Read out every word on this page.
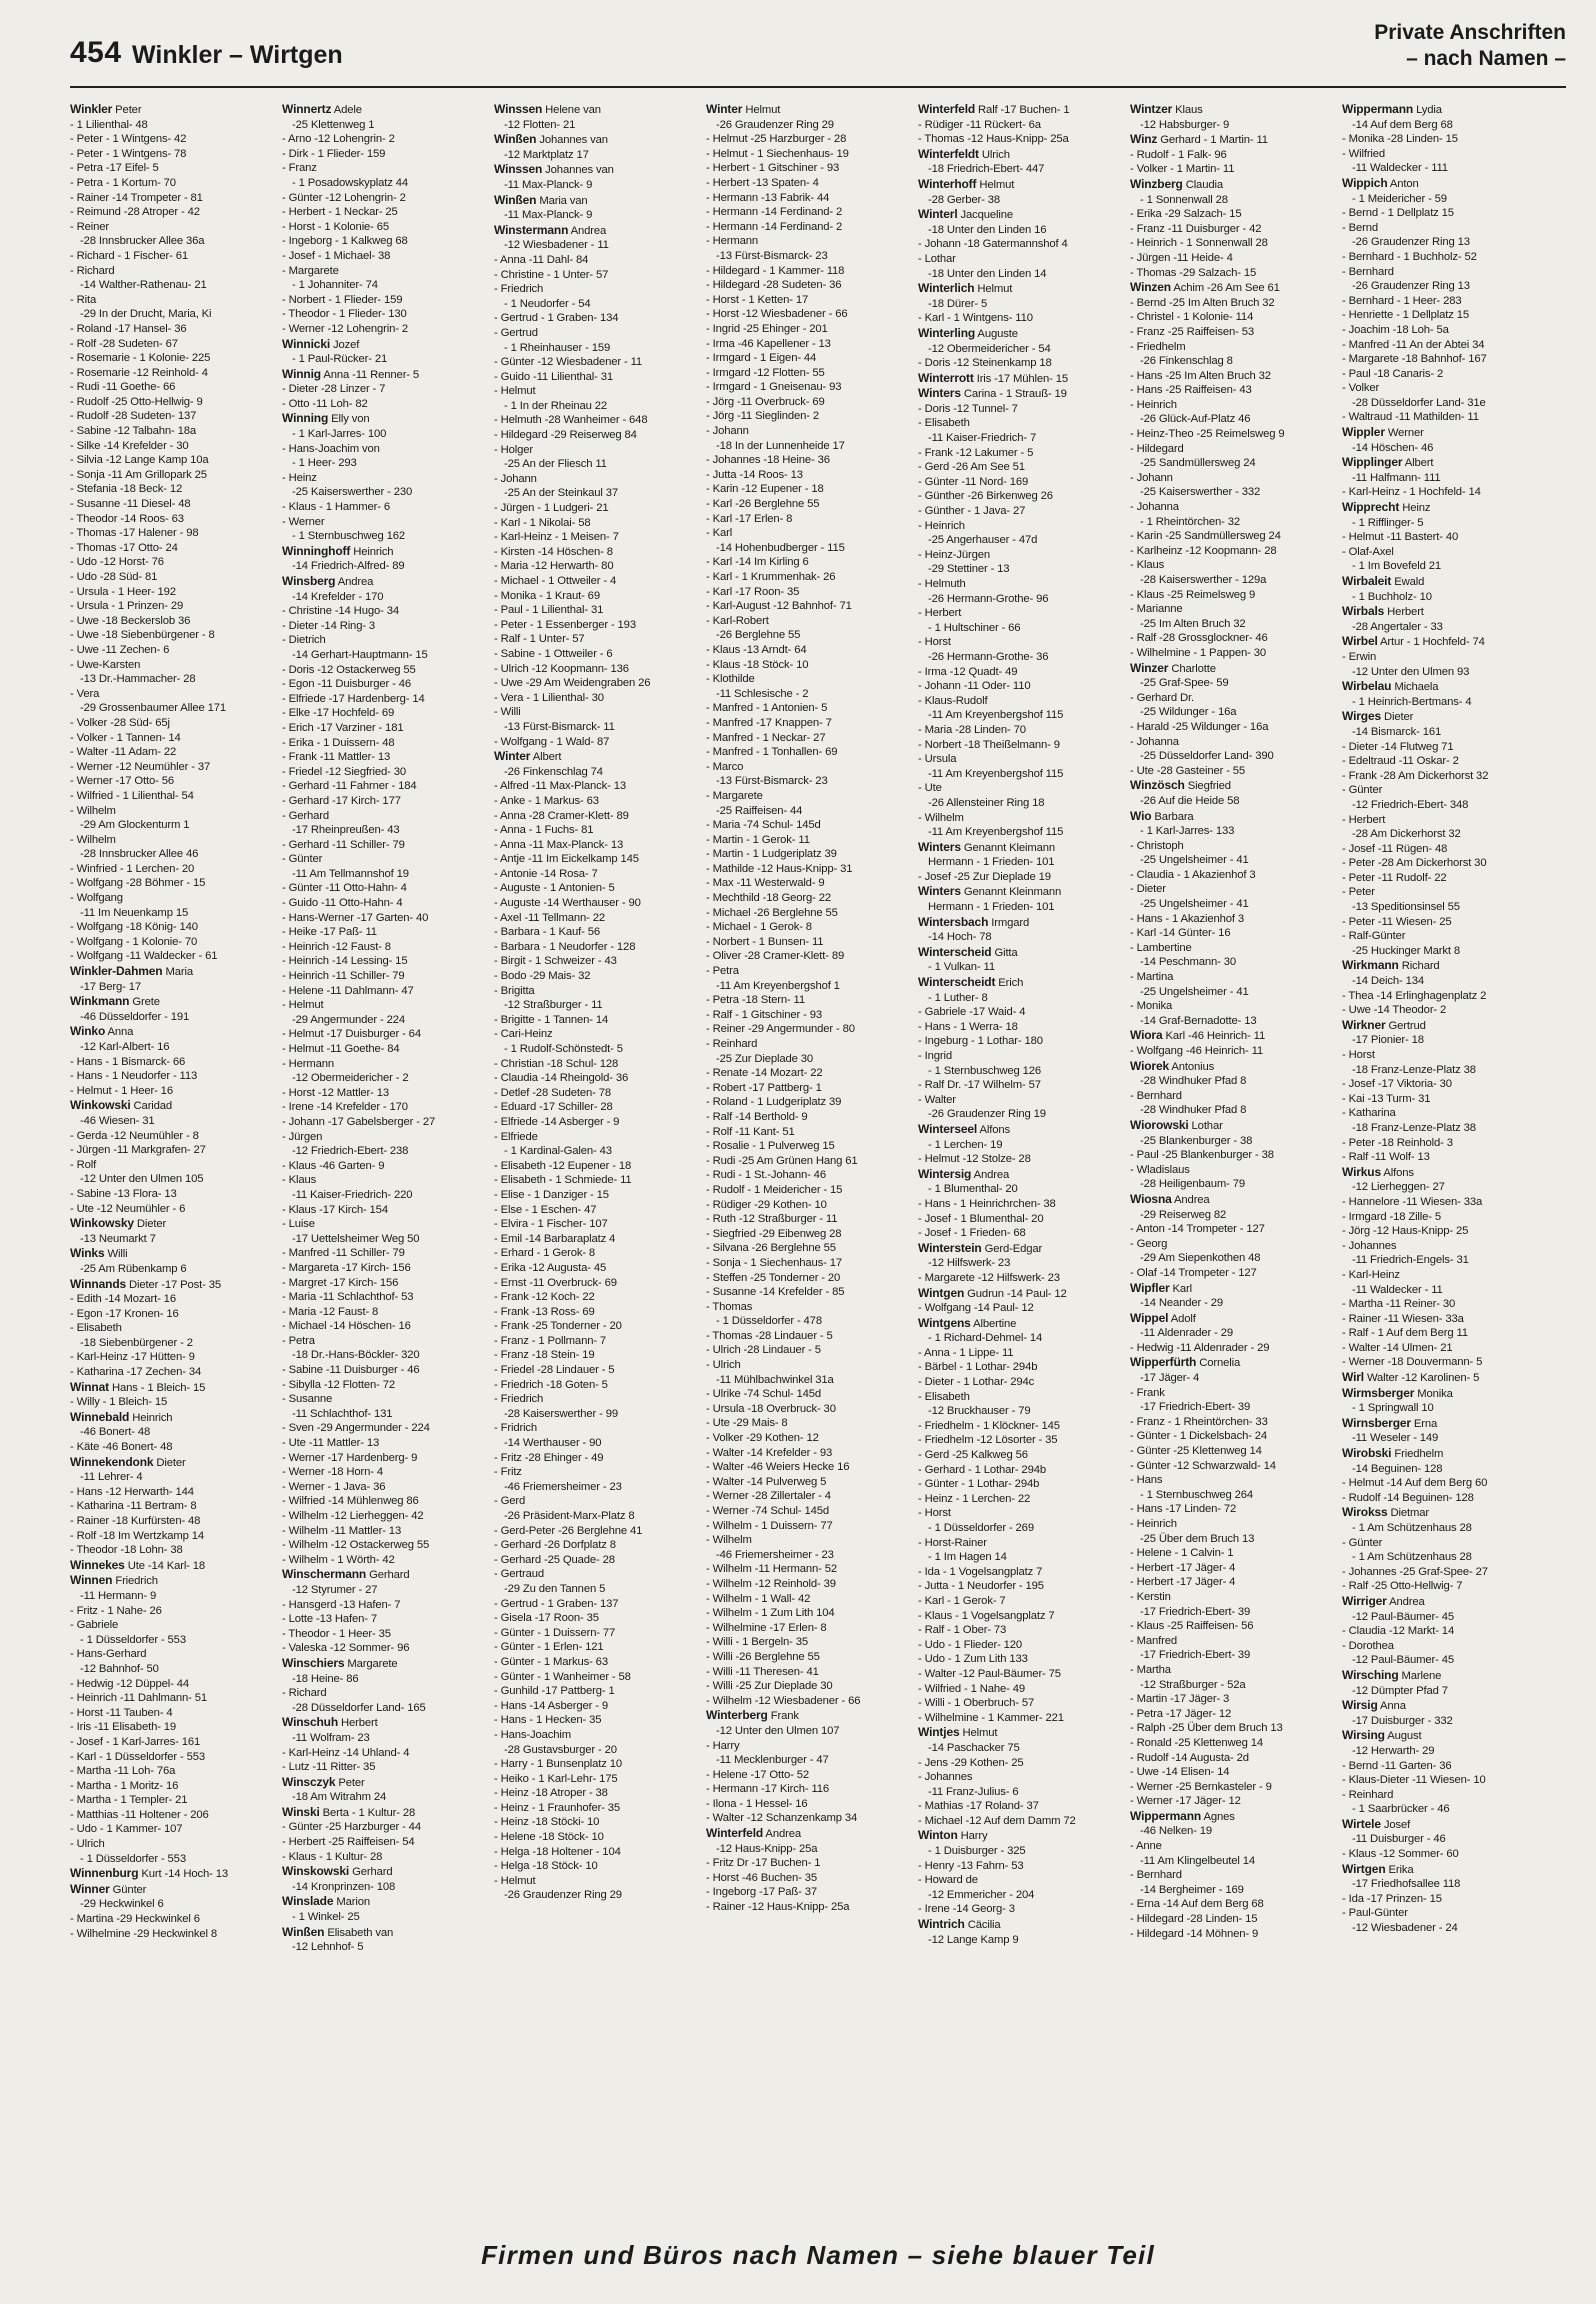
454 Winkler – Wirtgen
Private Anschriften
– nach Namen –
Winkler Peter
- 1 Lilienthal- 48
- Peter - 1 Wintgens- 42
- Peter - 1 Wintgens- 78
- Petra -17 Eifel- 5
- Petra - 1 Kortum- 70
- Rainer -14 Trompeter - 81
- Reimund -28 Atroper - 42
- Reiner
-28 Innsbrucker Allee 36a
- Richard - 1 Fischer- 61
- Richard
-14 Walther-Rathenau- 21
- Rita
-29 In der Drucht, Maria, Ki
- Roland -17 Hansel- 36
- Rolf -28 Sudeten- 67
- Rosemarie - 1 Kolonie- 225
- Rosemarie -12 Reinhold- 4
- Rudi -11 Goethe- 66
- Rudolf -25 Otto-Hellwig- 9
- Rudolf -28 Sudeten- 137
- Sabine -12 Talbahn- 18a
- Silke -14 Krefelder - 30
- Silvia -12 Lange Kamp 10a
- Sonja -11 Am Grillopark 25
- Stefania -18 Beck- 12
- Susanne -11 Diesel- 48
- Theodor -14 Roos- 63
- Thomas -17 Halener - 98
- Thomas -17 Otto- 24
- Udo -12 Horst- 76
- Udo -28 Süd- 81
- Ursula - 1 Heer- 192
- Ursula - 1 Prinzen- 29
- Uwe -18 Beckerslob 36
- Uwe -18 Siebenbürgener - 8
- Uwe -11 Zechen- 6
- Uwe-Karsten
-13 Dr.-Hammacher- 28
- Vera
-29 Grossenbaumer Allee 171
- Volker -28 Süd- 65j
- Volker - 1 Tannen- 14
- Walter -11 Adam- 22
- Werner -12 Neumühler - 37
- Werner -17 Otto- 56
- Wilfried - 1 Lilienthal- 54
- Wilhelm
-29 Am Glockenturm 1
- Wilhelm
-28 Innsbrucker Allee 46
- Winfried - 1 Lerchen- 20
- Wolfgang -28 Böhmer - 15
- Wolfgang
-11 Im Neuenkamp 15
- Wolfgang -18 König- 140
- Wolfgang - 1 Kolonie- 70
- Wolfgang -11 Waldecker - 61
Winkler-Dahmen Maria
-17 Berg- 17
Winkmann Grete
-46 Düsseldorfer - 191
Winko Anna
-12 Karl-Albert- 16
- Hans - 1 Bismarck- 66
- Hans - 1 Neudorfer - 113
- Helmut - 1 Heer- 16
Winkowski Caridad
-46 Wiesen- 31
- Gerda -12 Neumühler - 8
- Jürgen -11 Markgrafen- 27
- Rolf
-12 Unter den Ulmen 105
- Sabine -13 Flora- 13
- Ute -12 Neumühler - 6
Winkowsky Dieter
-13 Neumarkt 7
Winks Willi
-25 Am Rübenkamp 6
Winnands Dieter -17 Post- 35
- Edith -14 Mozart- 16
- Egon -17 Kronen- 16
- Elisabeth
-18 Siebenbürgener - 2
- Karl-Heinz -17 Hütten- 9
- Katharina -17 Zechen- 34
Winnat Hans - 1 Bleich- 15
- Willy - 1 Bleich- 15
Winnebald Heinrich
-46 Bonert- 48
- Käte -46 Bonert- 48
Winnekendonk Dieter
-11 Lehrer- 4
- Hans -12 Herwarth- 144
- Katharina -11 Bertram- 8
- Rainer -18 Kurfürsten- 48
- Rolf -18 Im Wertzkamp 14
- Theodor -18 Lohn- 38
Winnekes Ute -14 Karl- 18
Winnen Friedrich
-11 Hermann- 9
- Fritz - 1 Nahe- 26
- Gabriele
- 1 Düsseldorfer - 553
- Hans-Gerhard
-12 Bahnhof- 50
- Hedwig -12 Düppel- 44
- Heinrich -11 Dahlmann- 51
- Horst -11 Tauben- 4
- Iris -11 Elisabeth- 19
- Josef - 1 Karl-Jarres- 161
- Karl - 1 Düsseldorfer - 553
- Martha -11 Loh- 76a
- Martha - 1 Moritz- 16
- Martha - 1 Templer- 21
- Matthias -11 Holtener - 206
- Udo - 1 Kammer- 107
- Ulrich
- 1 Düsseldorfer - 553
Winnenburg Kurt -14 Hoch- 13
Winner Günter
-29 Heckwinkel 6
- Martina -29 Heckwinkel 6
- Wilhelmine -29 Heckwinkel 8
Winnertz Adele
-25 Klettenweg 1
- Arno -12 Lohengrin- 2
- Dirk - 1 Flieder- 159
- Franz
- 1 Posadowskyplatz 44
- Günter -12 Lohengrin- 2
- Herbert - 1 Neckar- 25
- Horst - 1 Kolonie- 65
- Ingeborg - 1 Kalkweg 68
- Josef - 1 Michael- 38
- Margarete
- 1 Johanniter- 74
- Norbert - 1 Flieder- 159
- Theodor - 1 Flieder- 130
- Werner -12 Lohengrin- 2
Winnicki Jozef
- 1 Paul-Rücker- 21
Winnig Anna -11 Renner- 5
- Dieter -28 Linzer - 7
- Otto -11 Loh- 82
Winning Elly von
- 1 Karl-Jarres- 100
- Hans-Joachim von
- 1 Heer- 293
- Heinz
-25 Kaiserswerther - 230
- Klaus - 1 Hammer- 6
- Werner
- 1 Sternbuschweg 162
Winninghoff Heinrich
-14 Friedrich-Alfred- 89
Winsberg Andrea
-14 Krefelder - 170
- Christine -14 Hugo- 34
- Dieter -14 Ring- 3
- Dietrich
-14 Gerhart-Hauptmann- 15
- Doris -12 Ostackerweg 55
- Egon -11 Duisburger - 46
- Elfriede -17 Hardenberg- 14
- Elke -17 Hochfeld- 69
- Erich -17 Varziner - 181
- Erika - 1 Duissern- 48
- Frank -11 Mattler- 13
- Friedel -12 Siegfried- 30
- Gerhard -11 Fahrner - 184
- Gerhard -17 Kirch- 177
- Gerhard
-17 Rheinpreußen- 43
- Gerhard -11 Schiller- 79
- Günter
-11 Am Tellmannshof 19
- Günter -11 Otto-Hahn- 4
- Guido -11 Otto-Hahn- 4
- Hans-Werner -17 Garten- 40
- Heike -17 Paß- 11
- Heinrich -12 Faust- 8
- Heinrich -14 Lessing- 15
- Heinrich -11 Schiller- 79
- Helene -11 Dahlmann- 47
- Helmut
-29 Angermunder - 224
- Helmut -17 Duisburger - 64
- Helmut -11 Goethe- 84
- Hermann
-12 Obermeidericher - 2
- Horst -12 Mattler- 13
- Irene -14 Krefelder - 170
- Johann -17 Gabelsberger - 27
- Jürgen
-12 Friedrich-Ebert- 238
- Klaus -46 Garten- 9
- Klaus
-11 Kaiser-Friedrich- 220
- Klaus -17 Kirch- 154
- Luise
-17 Uettelsheimer Weg 50
- Manfred -11 Schiller- 79
- Margareta -17 Kirch- 156
- Margret -17 Kirch- 156
- Maria -11 Schlachthof- 53
- Maria -12 Faust- 8
- Michael -14 Höschen- 16
- Petra
-18 Dr.-Hans-Böckler- 320
- Sabine -11 Duisburger - 46
- Sibylla -12 Flotten- 72
- Susanne
-11 Schlachthof- 131
- Sven -29 Angermunder - 224
- Ute -11 Mattler- 13
- Werner -17 Hardenberg- 9
- Werner -18 Horn- 4
- Werner - 1 Java- 36
- Wilfried -14 Mühlenweg 86
- Wilhelm -12 Lierheggen- 42
- Wilhelm -11 Mattler- 13
- Wilhelm -12 Ostackerweg 55
- Wilhelm - 1 Wörth- 42
Winschermann Gerhard
-12 Styrumer - 27
- Hansgerd -13 Hafen- 7
- Lotte -13 Hafen- 7
- Theodor - 1 Heer- 35
- Valeska -12 Sommer- 96
Winschiers Margarete
-18 Heine- 86
- Richard
-28 Düsseldorfer Land- 165
Winschuh Herbert
-11 Wolfram- 23
- Karl-Heinz -14 Uhland- 4
- Lutz -11 Ritter- 35
Winsczyk Peter
-18 Am Witrahm 24
Winski Berta - 1 Kultur- 28
- Günter -25 Harzburger - 44
- Herbert -25 Raiffeisen- 54
- Klaus - 1 Kultur- 28
Winskowski Gerhard
-14 Kronprinzen- 108
Winslade Marion
- 1 Winkel- 25
Winßen Elisabeth van
-12 Lehnhof- 5
Winssen Helene van
-12 Flotten- 21
Winßen Johannes van
-12 Marktplatz 17
Winssen Johannes van
-11 Max-Planck- 9
Winßen Maria van
-11 Max-Planck- 9
Winstermann Andrea
-12 Wiesbadener - 11
- Anna -11 Dahl- 84
- Christine - 1 Unter- 57
- Friedrich
- 1 Neudorfer - 54
- Gertrud - 1 Graben- 134
- Gertrud
- 1 Rheinhauser - 159
- Günter -12 Wiesbadener - 11
- Guido -11 Lilienthal- 31
- Helmut
- 1 In der Rheinau 22
- Helmuth -28 Wanheimer - 648
- Hildegard -29 Reiserweg 84
- Holger
-25 An der Fliesch 11
- Johann
-25 An der Steinkaul 37
- Jürgen - 1 Ludgeri- 21
- Karl - 1 Nikolai- 58
- Karl-Heinz - 1 Meisen- 7
- Kirsten -14 Höschen- 8
- Maria -12 Herwarth- 80
- Michael - 1 Ottweiler - 4
- Monika - 1 Kraut- 69
- Paul - 1 Lilienthal- 31
- Peter - 1 Essenberger - 193
- Ralf - 1 Unter- 57
- Sabine - 1 Ottweiler - 6
- Ulrich -12 Koopmann- 136
- Uwe -29 Am Weidengraben 26
- Vera - 1 Lilienthal- 30
- Willi
-13 Fürst-Bismarck- 11
- Wolfgang - 1 Wald- 87
Winter Albert
-26 Finkenschlag 74
- Alfred -11 Max-Planck- 13
- Anke - 1 Markus- 63
- Anna -28 Cramer-Klett- 89
- Anna - 1 Fuchs- 81
- Anna -11 Max-Planck- 13
- Antje -11 Im Eickelkamp 145
- Antonie -14 Rosa- 7
- Auguste - 1 Antonien- 5
- Auguste -14 Werthauser - 90
- Axel -11 Tellmann- 22
- Barbara - 1 Kauf- 56
- Barbara - 1 Neudorfer - 128
- Birgit - 1 Schweizer - 43
- Bodo -29 Mais- 32
- Brigitta
-12 Straßburger - 11
- Brigitte - 1 Tannen- 14
- Cari-Heinz
- 1 Rudolf-Schönstedt- 5
- Christian -18 Schul- 128
- Claudia -14 Rheingold- 36
- Detlef -28 Sudeten- 78
- Eduard -17 Schiller- 28
- Elfriede -14 Asberger - 9
- Elfriede
- 1 Kardinal-Galen- 43
- Elisabeth -12 Eupener - 18
- Elisabeth - 1 Schmiede- 11
- Elise - 1 Danziger - 15
- Else - 1 Eschen- 47
- Elvira - 1 Fischer- 107
- Emil -14 Barbaraplatz 4
- Erhard - 1 Gerok- 8
- Erika -12 Augusta- 45
- Ernst -11 Overbruck- 69
- Frank -12 Koch- 22
- Frank -13 Ross- 69
- Frank -25 Tonderner - 20
- Franz - 1 Pollmann- 7
- Franz -18 Stein- 19
- Friedel -28 Lindauer - 5
- Friedrich -18 Goten- 5
- Friedrich
-28 Kaiserswerther - 99
- Fridrich
-14 Werthauser - 90
- Fritz -28 Ehinger - 49
- Fritz
-46 Friemersheimer - 23
- Gerd
-26 Präsident-Marx-Platz 8
- Gerd-Peter -26 Berglehne 41
- Gerhard -26 Dorfplatz 8
- Gerhard -25 Quade- 28
- Gertraud
-29 Zu den Tannen 5
- Gertrud - 1 Graben- 137
- Gisela -17 Roon- 35
- Günter - 1 Duissern- 77
- Günter - 1 Erlen- 121
- Günter - 1 Markus- 63
- Günter - 1 Wanheimer - 58
- Gunhild -17 Pattberg- 1
- Hans -14 Asberger - 9
- Hans - 1 Hecken- 35
- Hans-Joachim
-28 Gustavsburger - 20
- Harry - 1 Bunsenplatz 10
- Heiko - 1 Karl-Lehr- 175
- Heinz -18 Atroper - 38
- Heinz - 1 Fraunhofer- 35
- Heinz -18 Stöcki- 10
- Helene -18 Stöck- 10
- Helga -18 Holtener - 104
- Helga -18 Stöck- 10
- Helmut
-26 Graudenzer Ring 29
Winter Helmut
-26 Graudenzer Ring 29
- Helmut -25 Harzburger - 28
- Helmut - 1 Siechenhaus- 19
- Herbert - 1 Gitschiner - 93
- Herbert -13 Spaten- 4
- Hermann -13 Fabrik- 44
- Hermann -14 Ferdinand- 2
- Hermann -14 Ferdinand- 2
- Hermann
-13 Fürst-Bismarck- 23
- Hildegard - 1 Kammer- 118
- Hildegard -28 Sudeten- 36
- Horst - 1 Ketten- 17
- Horst -12 Wiesbadener - 66
- Ingrid -25 Ehinger - 201
- Irma -46 Kapellener - 13
- Irmgard - 1 Eigen- 44
- Irmgard -12 Flotten- 55
- Irmgard - 1 Gneisenau- 93
- Jörg -11 Overbruck- 69
- Jörg -11 Sieglinden- 2
- Johann
-18 In der Lunnenheide 17
- Johannes -18 Heine- 36
- Jutta -14 Roos- 13
- Karin -12 Eupener - 18
- Karl -26 Berglehne 55
- Karl -17 Erlen- 8
- Karl
-14 Hohenbudberger - 115
- Karl -14 Im Kirling 6
- Karl - 1 Krummenhak- 26
- Karl -17 Roon- 35
- Karl-August -12 Bahnhof- 71
- Karl-Robert
-26 Berglehne 55
- Klaus -13 Arndt- 64
- Klaus -18 Stöck- 10
- Klothilde
-11 Schlesische - 2
- Manfred - 1 Antonien- 5
- Manfred -17 Knappen- 7
- Manfred - 1 Neckar- 27
- Manfred - 1 Tonhallen- 69
- Marco
-13 Fürst-Bismarck- 23
- Margarete
-25 Raiffeisen- 44
- Maria -74 Schul- 145d
- Martin - 1 Gerok- 11
- Martin - 1 Ludgeriplatz 39
- Mathilde -12 Haus-Knipp- 31
- Max -11 Westerwald- 9
- Mechthild -18 Georg- 22
- Michael -26 Berglehne 55
- Michael - 1 Gerok- 8
- Norbert - 1 Bunsen- 11
- Oliver -28 Cramer-Klett- 89
- Petra
-11 Am Kreyenbergshof 1
- Petra -18 Stern- 11
- Ralf - 1 Gitschiner - 93
- Reiner -29 Angermunder - 80
- Reinhard
-25 Zur Dieplade 30
- Renate -14 Mozart- 22
- Robert -17 Pattberg- 1
- Roland - 1 Ludgeriplatz 39
- Ralf -14 Berthold- 9
- Rolf -11 Kant- 51
- Rosalie - 1 Pulverweg 15
- Rudi -25 Am Grünen Hang 61
- Rudi - 1 St.-Johann- 46
- Rudolf - 1 Meidericher - 15
- Rüdiger -29 Kothen- 10
- Ruth -12 Straßburger - 11
- Siegfried -29 Eibenweg 28
- Silvana -26 Berglehne 55
- Sonja - 1 Siechenhaus- 17
- Steffen -25 Tonderner - 20
- Susanne -14 Krefelder - 85
- Thomas
- 1 Düsseldorfer - 478
- Thomas -28 Lindauer - 5
- Ulrich -28 Lindauer - 5
- Ulrich
-11 Mühlbachwinkel 31a
- Ulrike -74 Schul- 145d
- Ursula -18 Overbruck- 30
- Ute -29 Mais- 8
- Volker -29 Kothen- 12
- Walter -14 Krefelder - 93
- Walter -46 Weiers Hecke 16
- Walter -14 Pulverweg 5
- Werner -28 Zillertaler - 4
- Werner -74 Schul- 145d
- Wilhelm - 1 Duissern- 77
- Wilhelm
-46 Friemersheimer - 23
- Wilhelm -11 Hermann- 52
- Wilhelm -12 Reinhold- 39
- Wilhelm - 1 Wall- 42
- Wilhelm - 1 Zum Lith 104
- Wilhelmine -17 Erlen- 8
- Willi - 1 Bergeln- 35
- Willi -26 Berglehne 55
- Willi -11 Theresen- 41
- Willi -25 Zur Dieplade 30
- Wilhelm -12 Wiesbadener - 66
Winterberg Frank
-12 Unter den Ulmen 107
- Harry
-11 Mecklenburger - 47
- Helene -17 Otto- 52
- Hermann -17 Kirch- 116
- Ilona - 1 Hessel- 16
- Walter -12 Schanzenkamp 34
Winterfeld Andrea
-12 Haus-Knipp- 25a
- Fritz Dr -17 Buchen- 1
- Horst -46 Buchen- 35
- Ingeborg -17 Paß- 37
- Rainer -12 Haus-Knipp- 25a
Winterfeld Ralf -17 Buchen- 1
- Rüdiger -11 Rückert- 6a
- Thomas -12 Haus-Knipp- 25a
Winterfeldt Ulrich
-18 Friedrich-Ebert- 447
Winterhoff Helmut
-28 Gerber- 38
Winterl Jacqueline
-18 Unter den Linden 16
- Johann -18 Gatermannshof 4
- Lothar
-18 Unter den Linden 14
Winterlich Helmut
-18 Dürer- 5
- Karl - 1 Wintgens- 110
Winterling Auguste
-12 Obermeidericher - 54
- Doris -12 Steinenkamp 18
Winterrott Iris -17 Mühlen- 15
Winters Carina - 1 Strauß- 19
- Doris -12 Tunnel- 7
- Elisabeth
-11 Kaiser-Friedrich- 7
- Frank -12 Lakumer - 5
- Gerd -26 Am See 51
- Günter -11 Nord- 169
- Günther -26 Birkenweg 26
- Günther - 1 Java- 27
- Heinrich
-25 Angerhauser - 47d
- Heinz-Jürgen
-29 Stettiner - 13
- Helmuth
-26 Hermann-Grothe- 96
- Herbert
- 1 Hultschiner - 66
- Horst
-26 Hermann-Grothe- 36
- Irma -12 Quadt- 49
- Johann -11 Oder- 110
- Klaus-Rudolf
-11 Am Kreyenbergshof 115
- Maria -28 Linden- 70
- Norbert -18 Theißelmann- 9
- Ursula
-11 Am Kreyenbergshof 115
- Ute
-26 Allensteiner Ring 18
- Wilhelm
-11 Am Kreyenbergshof 115
Winters Genannt Kleimann
Hermann - 1 Frieden- 101
- Josef -25 Zur Dieplade 19
Winters Genannt Kleinmann
Hermann - 1 Frieden- 101
Wintersbach Irmgard
-14 Hoch- 78
Winterscheid Gitta
- 1 Vulkan- 11
Winterscheidt Erich
- 1 Luther- 8
- Gabriele -17 Waid- 4
- Hans - 1 Werra- 18
- Ingeburg - 1 Lothar- 180
- Ingrid
- 1 Sternbuschweg 126
- Ralf Dr. -17 Wilhelm- 57
- Walter
-26 Graudenzer Ring 19
Winterseel Alfons
- 1 Lerchen- 19
- Helmut -12 Stolze- 28
Wintersig Andrea
- 1 Blumenthal- 20
- Hans - 1 Heinrichrchen- 38
- Josef - 1 Blumenthal- 20
- Josef - 1 Frieden- 68
Winterstein Gerd-Edgar
-12 Hilfswerk- 23
- Margarete -12 Hilfswerk- 23
Wintgen Gudrun -14 Paul- 12
- Wolfgang -14 Paul- 12
Wintgens Albertine
- 1 Richard-Dehmel- 14
- Anna - 1 Lippe- 11
- Bärbel - 1 Lothar- 294b
- Dieter - 1 Lothar- 294c
- Elisabeth
-12 Bruckhauser - 79
- Friedhelm - 1 Klöckner- 145
- Friedhelm -12 Lösorter - 35
- Gerd -25 Kalkweg 56
- Gerhard - 1 Lothar- 294b
- Günter - 1 Lothar- 294b
- Heinz - 1 Lerchen- 22
- Horst
- 1 Düsseldorfer - 269
- Horst-Rainer
- 1 Im Hagen 14
- Ida - 1 Vogelsangplatz 7
- Jutta - 1 Neudorfer - 195
- Karl - 1 Gerok- 7
- Klaus - 1 Vogelsangplatz 7
- Ralf - 1 Ober- 73
- Udo - 1 Flieder- 120
- Udo - 1 Zum Lith 133
- Walter -12 Paul-Bäumer- 75
- Wilfried - 1 Nahe- 49
- Willi - 1 Oberbruch- 57
- Wilhelmine - 1 Kammer- 221
Wintjes Helmut
-14 Paschacker 75
- Jens -29 Kothen- 25
- Johannes
-11 Franz-Julius- 6
- Mathias -17 Roland- 37
- Michael -12 Auf dem Damm 72
Winton Harry
- 1 Duisburger - 325
- Henry -13 Fahrn- 53
- Howard de
-12 Emmericher - 204
- Irene -14 Georg- 3
Wintrich Cäcilia
-12 Lange Kamp 9
Wintzer Klaus
-12 Habsburger- 9
Winz Gerhard - 1 Martin- 11
- Rudolf - 1 Falk- 96
- Volker - 1 Martin- 11
Winzberg Claudia
- 1 Sonnenwall 28
- Erika -29 Salzach- 15
- Franz -11 Duisburger - 42
- Heinrich - 1 Sonnenwall 28
- Jürgen -11 Heide- 4
- Thomas -29 Salzach- 15
Winzen Achim -26 Am See 61
- Bernd -25 Im Alten Bruch 32
- Christel - 1 Kolonie- 114
- Franz -25 Raiffeisen- 53
- Friedhelm
-26 Finkenschlag 8
- Hans -25 Im Alten Bruch 32
- Hans -25 Raiffeisen- 43
- Heinrich
-26 Glück-Auf-Platz 46
- Heinz-Theo -25 Reimelsweg 9
- Hildegard
-25 Sandmüllersweg 24
- Johann
-25 Kaiserswerther - 332
- Johanna
- 1 Rheintörchen- 32
- Karin -25 Sandmüllersweg 24
- Karlheinz -12 Koopmann- 28
- Klaus
-28 Kaiserswerther - 129a
- Klaus -25 Reimelsweg 9
- Marianne
-25 Im Alten Bruch 32
- Ralf -28 Grossglockner- 46
- Wilhelmine - 1 Pappen- 30
Winzer Charlotte
-25 Graf-Spee- 59
- Gerhard Dr.
-25 Wildunger - 16a
- Harald -25 Wildunger - 16a
- Johanna
-25 Düsseldorfer Land- 390
- Ute -28 Gasteiner - 55
Winzösch Siegfried
-26 Auf die Heide 58
Wio Barbara
- 1 Karl-Jarres- 133
- Christoph
-25 Ungelsheimer - 41
- Claudia - 1 Akazienhof 3
- Dieter
-25 Ungelsheimer - 41
- Hans - 1 Akazienhof 3
- Karl -14 Günter- 16
- Lambertine
-14 Peschmann- 30
- Martina
-25 Ungelsheimer - 41
- Monika
-14 Graf-Bernadotte- 13
Wiora Karl -46 Heinrich- 11
- Wolfgang -46 Heinrich- 11
Wiorek Antonius
-28 Windhuker Pfad 8
- Bernhard
-28 Windhuker Pfad 8
Wiorowski Lothar
-25 Blankenburger - 38
- Paul -25 Blankenburger - 38
- Wladislaus
-28 Heiligenbaum- 79
Wiosna Andrea
-29 Reiserweg 82
- Anton -14 Trompeter - 127
- Georg
-29 Am Siepenkothen 48
- Olaf -14 Trompeter - 127
Wipfler Karl
-14 Neander - 29
Wippel Adolf
-11 Aldenrader - 29
- Hedwig -11 Aldenrader - 29
Wipperfürth Cornelia
-17 Jäger- 4
- Frank
-17 Friedrich-Ebert- 39
- Franz - 1 Rheintörchen- 33
- Günter - 1 Dickelsbach- 24
- Günter -25 Klettenweg 14
- Günter -12 Schwarzwald- 14
- Hans
- 1 Sternbuschweg 264
- Hans -17 Linden- 72
- Heinrich
-25 Über dem Bruch 13
- Helene - 1 Calvin- 1
- Herbert -17 Jäger- 4
- Herbert -17 Jäger- 4
- Kerstin
-17 Friedrich-Ebert- 39
- Klaus -25 Raiffeisen- 56
- Manfred
-17 Friedrich-Ebert- 39
- Martha
-12 Straßburger - 52a
- Martin -17 Jäger- 3
- Petra -17 Jäger- 12
- Ralph -25 Über dem Bruch 13
- Ronald -25 Klettenweg 14
- Rudolf -14 Augusta- 2d
- Uwe -14 Elisen- 14
- Werner -25 Bernkasteler - 9
- Werner -17 Jäger- 12
Wippermann Agnes
-46 Nelken- 19
- Anne
-11 Am Klingelbeutel 14
- Bernhard
-14 Bergheimer - 169
- Erna -14 Auf dem Berg 68
- Hildegard -28 Linden- 15
- Hildegard -14 Möhnen- 9
Wippermann Lydia
-14 Auf dem Berg 68
- Monika -28 Linden- 15
- Wilfried
-11 Waldecker - 111
Wippich Anton
- 1 Meidericher - 59
- Bernd - 1 Dellplatz 15
- Bernd
-26 Graudenzer Ring 13
- Bernhard - 1 Buchholz- 52
- Bernhard
-26 Graudenzer Ring 13
- Bernhard - 1 Heer- 283
- Henriette - 1 Dellplatz 15
- Joachim -18 Loh- 5a
- Manfred -11 An der Abtei 34
- Margarete -18 Bahnhof- 167
- Paul -18 Canaris- 2
- Volker
-28 Düsseldorfer Land- 31e
- Waltraud -11 Mathilden- 11
Wippler Werner
-14 Höschen- 46
Wipplinger Albert
-11 Halfmann- 111
- Karl-Heinz - 1 Hochfeld- 14
Wipprecht Heinz
- 1 Rifflinger- 5
- Helmut -11 Bastert- 40
- Olaf-Axel
- 1 Im Bovefeld 21
Wirbaleit Ewald
- 1 Buchholz- 10
Wirbals Herbert
-28 Angertaler - 33
Wirbel Artur - 1 Hochfeld- 74
- Erwin
-12 Unter den Ulmen 93
Wirbelau Michaela
- 1 Heinrich-Bertmans- 4
Wirges Dieter
-14 Bismarck- 161
- Dieter -14 Flutweg 71
- Edeltraud -11 Oskar- 2
- Frank -28 Am Dickerhorst 32
- Günter
-12 Friedrich-Ebert- 348
- Herbert
-28 Am Dickerhorst 32
- Josef -11 Rügen- 48
- Peter -28 Am Dickerhorst 30
- Peter -11 Rudolf- 22
- Peter
-13 Speditionsinsel 55
- Peter -11 Wiesen- 25
- Ralf-Günter
-25 Huckinger Markt 8
Wirkmann Richard
-14 Deich- 134
- Thea -14 Erlinghagenplatz 2
- Uwe -14 Theodor- 2
Wirkner Gertrud
-17 Pionier- 18
- Horst
-18 Franz-Lenze-Platz 38
- Josef -17 Viktoria- 30
- Kai -13 Turm- 31
- Katharina
-18 Franz-Lenze-Platz 38
- Peter -18 Reinhold- 3
- Ralf -11 Wolf- 13
Wirkus Alfons
-12 Lierheggen- 27
- Hannelore -11 Wiesen- 33a
- Irmgard -18 Zille- 5
- Jörg -12 Haus-Knipp- 25
- Johannes
-11 Friedrich-Engels- 31
- Karl-Heinz
-11 Waldecker - 11
- Martha -11 Reiner- 30
- Rainer -11 Wiesen- 33a
- Ralf - 1 Auf dem Berg 11
- Walter -14 Ulmen- 21
- Werner -18 Douvermann- 5
Wirl Walter -12 Karolinen- 5
Wirmsberger Monika
- 1 Springwall 10
Wirnsberger Erna
-11 Weseler - 149
Wirobski Friedhelm
-14 Beguinen- 128
- Helmut -14 Auf dem Berg 60
- Rudolf -14 Beguinen- 128
Wirokss Dietmar
- 1 Am Schützenhaus 28
- Günter
- 1 Am Schützenhaus 28
- Johannes -25 Graf-Spee- 27
- Ralf -25 Otto-Hellwig- 7
Wirriger Andrea
-12 Paul-Bäumer- 45
- Claudia -12 Markt- 14
- Dorothea
-12 Paul-Bäumer- 45
Wirsching Marlene
-12 Dümpter Pfad 7
Wirsig Anna
-17 Duisburger - 332
Wirsing August
-12 Herwarth- 29
- Bernd -11 Garten- 36
- Klaus-Dieter -11 Wiesen- 10
- Reinhard
- 1 Saarbrücker - 46
Wirtele Josef
-11 Duisburger - 46
- Klaus -12 Sommer- 60
Wirtgen Erika
-17 Friedhofsallee 118
- Ida -17 Prinzen- 15
- Paul-Günter
-12 Wiesbadener - 24
Firmen und Büros nach Namen – siehe blauer Teil
